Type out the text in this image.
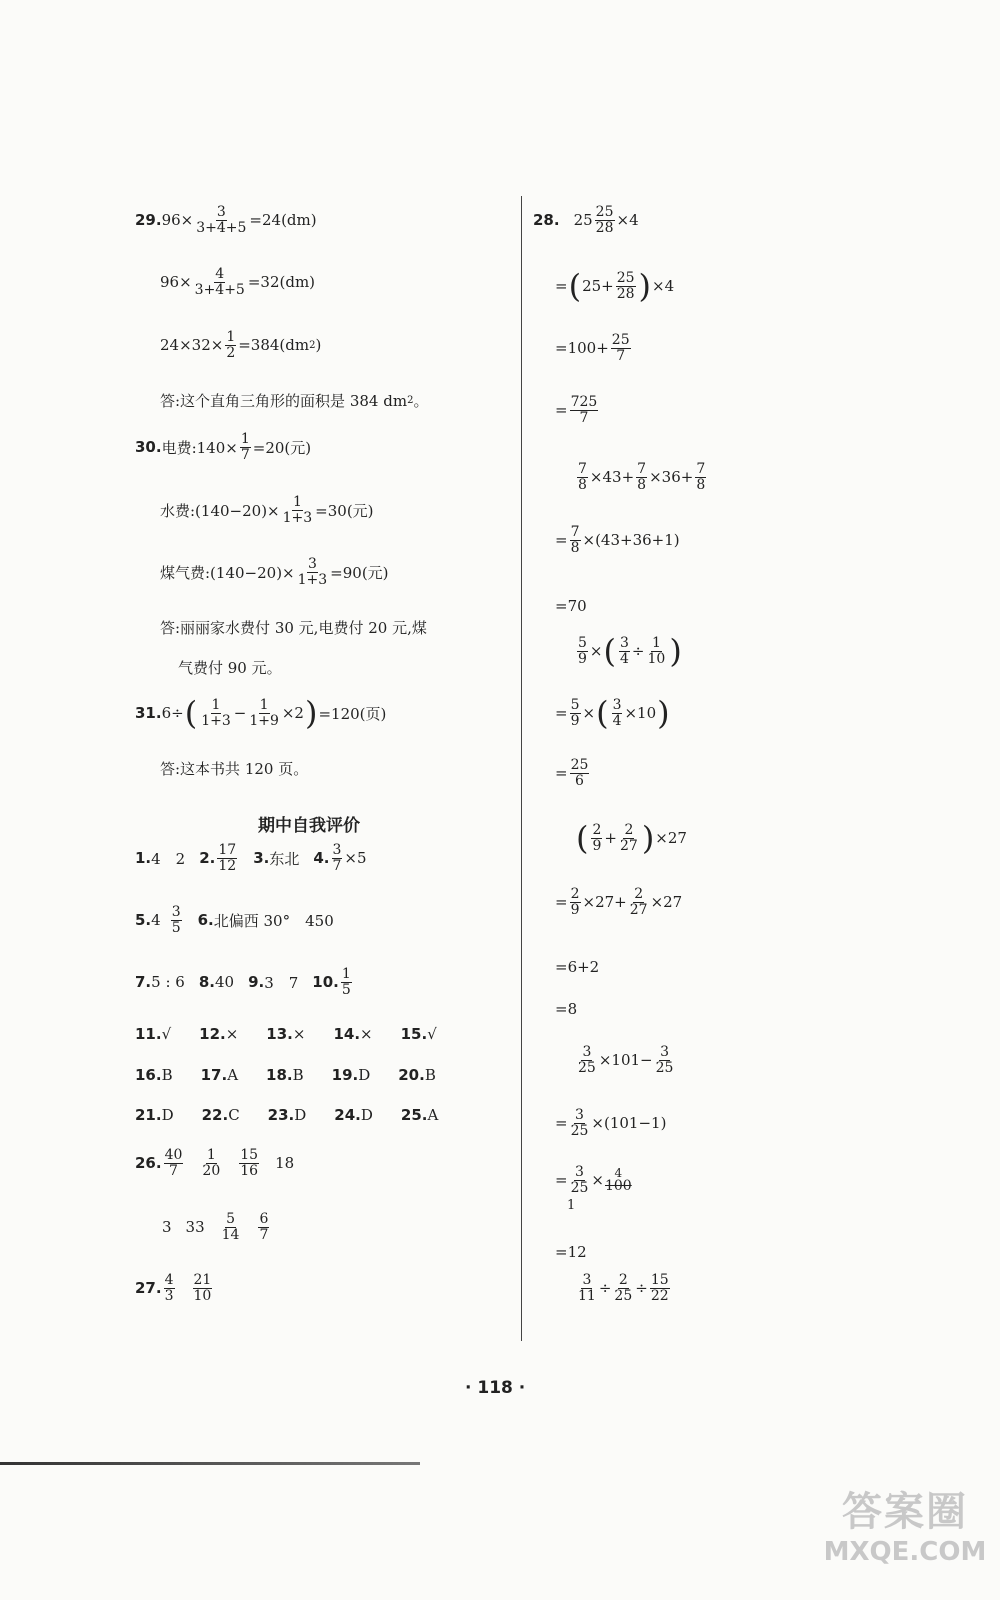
29. $96\times \frac{3}{3+4+5} =24(dm)$
$96\times \frac{4}{3+4+5} =32(dm)$
$24\times 32\times \frac{1}{2} =384(dm$ 2 )
答:这个直角三角形的面积是 384 dm 2 。
30. 电费:140× $\frac{1}{7} =20$(元)
水费:(140−20)× $\frac{1}{1+3} =30$(元)
煤气费:(140−20)× $\frac{3}{1+3} =90$(元)
答:丽丽家水费付 30 元,电费付 20 元,煤
气费付 90 元。
31. 6÷ ( $\frac{1}{1+3} - \frac{1}{1+9} \times 2$ ) =120(页)
答:这本书共 120 页。
期中自我评价
1. 4　2 2. $\frac{17}{12} 3$. 东北 4. $\frac{3}{7} \times 5$
5. $4 \frac{3}{5} 6$. 北偏西 30°　450
7. 5 : 6 8. 40 9. 3　7 10. $\frac{1}{5}$
11. √ 12. × 13. × 14. × 15. √
16. B 17. A 18. B 19. D 20. B
21. D 22. C 23. D 24. D 25. A
26. $\frac{40}{7} \frac{1}{20} \frac{15}{16} 18$
3 $33 \frac{5}{14} \frac{6}{7}$
27. $\frac{4}{3} \frac{21}{10}$
28. $25 \frac{25}{28} \times 4$
= ( $25+ \frac{25}{28}$ ) ×4
$=100+ \frac{25}{7}$
= $\frac{725}{7}$
$\frac{7}{8} \times 43+ \frac{7}{8} \times 36+ \frac{7}{8}$
= $\frac{7}{8} \times(43+36+1)$
=70
$\frac{5}{9}$ × ( $\frac{3}{4} \div \frac{1}{10}$ )
= $\frac{5}{9}$ × ( $\frac{3}{4} \times 10$ )
= $\frac{25}{6}$
( $\frac{2}{9} + \frac{2}{27}$ ) ×27
= $\frac{2}{9} \times 27+ \frac{2}{27} \times 27$
=6+2
=8
$\frac{3}{25} \times 101- \frac{3}{25}$
= $\frac{3}{25} \times(101-1)$
= $\frac{3}{25} \times 4$
100
1
=12
$\frac{3}{11} \div \frac{2}{25} \div \frac{15}{22}$
· 118 ·
答案圈
MXQE.COM
